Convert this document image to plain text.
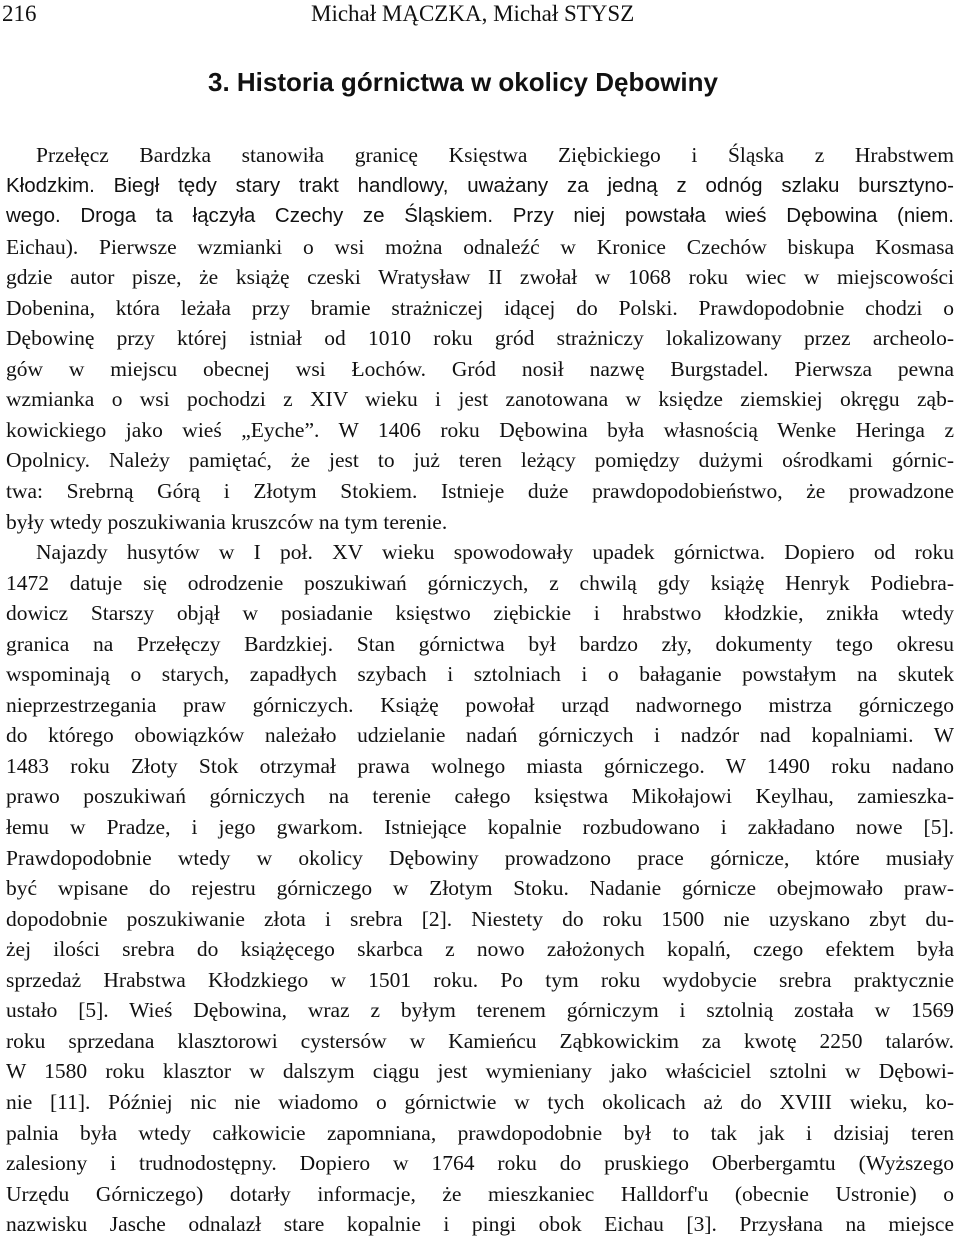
216	Michał MĄCZKA, Michał STYSZ
3. Historia górnictwa w okolicy Dębowiny
Przełęcz Bardzka stanowiła granicę Księstwa Ziębickiego i Śląska z Hrabstwem
Kłodzkim. Biegł tędy stary trakt handlowy, uważany za jedną z odnóg szlaku bursztyno-
wego. Droga ta łączyła Czechy ze Śląskiem. Przy niej powstała wieś Dębowina (niem.
Eichau). Pierwsze wzmianki o wsi można odnaleźć w Kronice Czechów biskupa Kosmasa
gdzie autor pisze, że książę czeski Wratysław II zwołał w 1068 roku wiec w miejscowości
Dobenina, która leżała przy bramie strażniczej idącej do Polski. Prawdopodobnie chodzi o
Dębowinę przy której istniał od 1010 roku gród strażniczy lokalizowany przez archeolo-
gów w miejscu obecnej wsi Łochów. Gród nosił nazwę Burgstadel. Pierwsza pewna
wzmianka o wsi pochodzi z XIV wieku i jest zanotowana w księdze ziemskiej okręgu ząb-
kowickiego jako wieś „Eyche”. W 1406 roku Dębowina była własnością Wenke Heringa z
Opolnicy. Należy pamiętać, że jest to już teren leżący pomiędzy dużymi ośrodkami górnic-
twa: Srebrną Górą i Złotym Stokiem. Istnieje duże prawdopodobieństwo, że prowadzone
były wtedy poszukiwania kruszców na tym terenie.
Najazdy husytów w I poł. XV wieku spowodowały upadek górnictwa. Dopiero od roku
1472 datuje się odrodzenie poszukiwań górniczych, z chwilą gdy książę Henryk Podiebra-
dowicz Starszy objął w posiadanie księstwo ziębickie i hrabstwo kłodzkie, znikła wtedy
granica na Przełęczy Bardzkiej. Stan górnictwa był bardzo zły, dokumenty tego okresu
wspominają o starych, zapadłych szybach i sztolniach i o bałaganie powstałym na skutek
nieprzestrzegania praw górniczych. Książę powołał urząd nadwornego mistrza górniczego
do którego obowiązków należało udzielanie nadań górniczych i nadzór nad kopalniami. W
1483 roku Złoty Stok otrzymał prawa wolnego miasta górniczego. W 1490 roku nadano
prawo poszukiwań górniczych na terenie całego księstwa Mikołajowi Keylhau, zamieszka-
łemu w Pradze, i jego gwarkom. Istniejące kopalnie rozbudowano i zakładano nowe [5].
Prawdopodobnie wtedy w okolicy Dębowiny prowadzono prace górnicze, które musiały
być wpisane do rejestru górniczego w Złotym Stoku. Nadanie górnicze obejmowało praw-
dopodobnie poszukiwanie złota i srebra [2]. Niestety do roku 1500 nie uzyskano zbyt du-
żej ilości srebra do książęcego skarbca z nowo założonych kopalń, czego efektem była
sprzedaż Hrabstwa Kłodzkiego w 1501 roku. Po tym roku wydobycie srebra praktycznie
ustało [5]. Wieś Dębowina, wraz z byłym terenem górniczym i sztolnią została w 1569
roku sprzedana klasztorowi cystersów w Kamieńcu Ząbkowickim za kwotę 2250 talarów.
W 1580 roku klasztor w dalszym ciągu jest wymieniany jako właściciel sztolni w Dębowi-
nie [11]. Później nic nie wiadomo o górnictwie w tych okolicach aż do XVIII wieku, ko-
palnia była wtedy całkowicie zapomniana, prawdopodobnie był to tak jak i dzisiaj teren
zalesiony i trudnodostępny. Dopiero w 1764 roku do pruskiego Oberbergamtu (Wyższego
Urzędu Górniczego) dotarły informacje, że mieszkaniec Halldorf'u (obecnie Ustronie) o
nazwisku Jasche odnalazł stare kopalnie i pingi obok Eichau [3]. Przysłana na miejsce
